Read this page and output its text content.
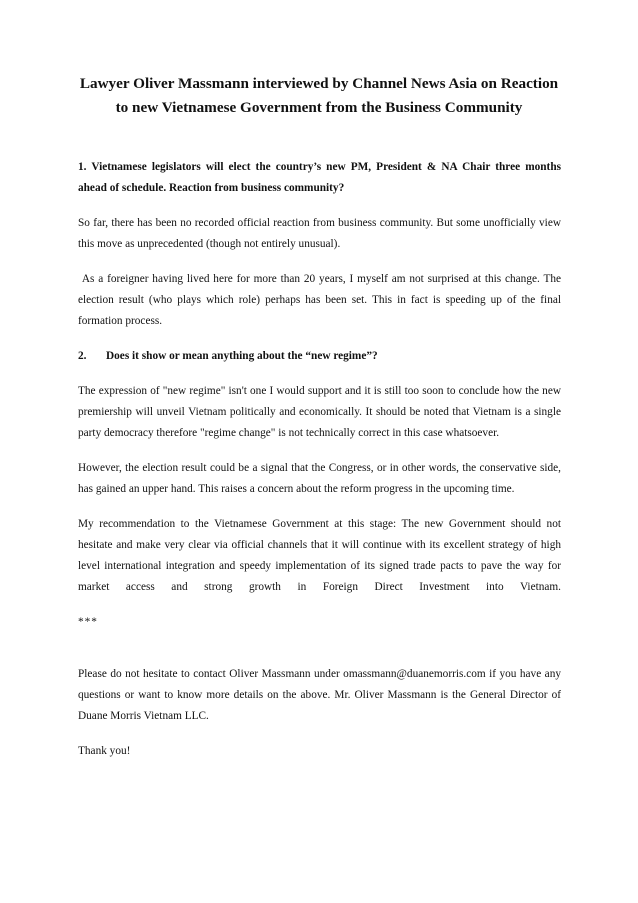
Lawyer Oliver Massmann interviewed by Channel News Asia on Reaction
to new Vietnamese Government from the Business Community

1. Vietnamese legislators will elect the country’s new PM, President & NA Chair three months ahead of schedule. Reaction from business community?

So far, there has been no recorded official reaction from business community. But some unofficially view this move as unprecedented (though not entirely unusual).

As a foreigner having lived here for more than 20 years, I myself am not surprised at this change. The election result (who plays which role) perhaps has been set. This in fact is speeding up of the final formation process.

2.	Does it show or mean anything about the “new regime”?

The expression of "new regime" isn't one I would support and it is still too soon to conclude how the new premiership will unveil Vietnam politically and economically. It should be noted that Vietnam is a single party democracy therefore "regime change" is not technically correct in this case whatsoever.

However, the election result could be a signal that the Congress, or in other words, the conservative side, has gained an upper hand. This raises a concern about the reform progress in the upcoming time.

My recommendation to the Vietnamese Government at this stage: The new Government should not hesitate and make very clear via official channels that it will continue with its excellent strategy of high level international integration and speedy implementation of its signed trade pacts to pave the way for market access and strong growth in Foreign Direct Investment into Vietnam.

***

Please do not hesitate to contact Oliver Massmann under omassmann@duanemorris.com if you have any questions or want to know more details on the above. Mr. Oliver Massmann is the General Director of Duane Morris Vietnam LLC.

Thank you!
